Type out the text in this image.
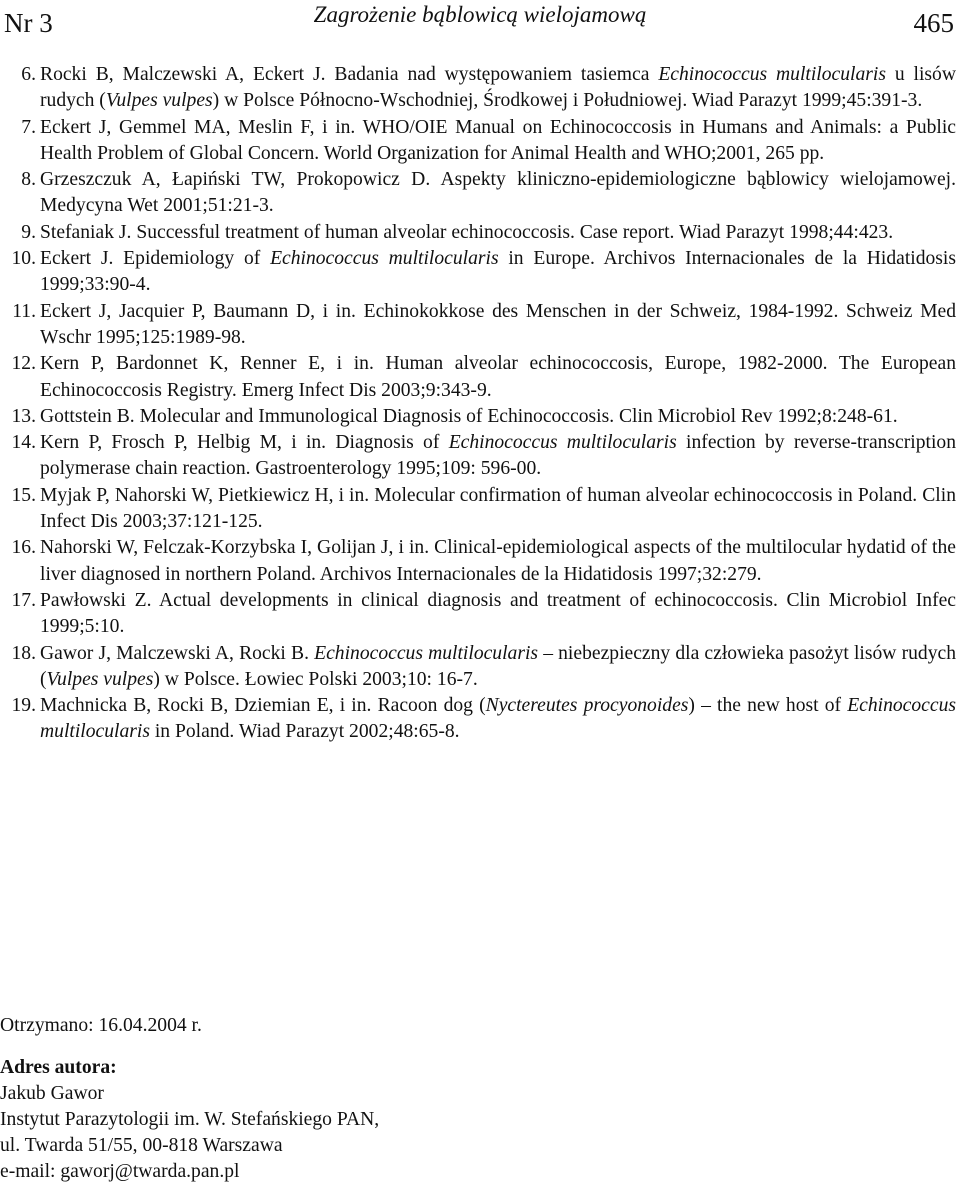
Nr 3	Zagrożenie bąblowicą wielojamową	465
6. Rocki B, Malczewski A, Eckert J. Badania nad występowaniem tasiemca Echinococcus multilocularis u lisów rudych (Vulpes vulpes) w Polsce Północno-Wschodniej, Środkowej i Południowej. Wiad Parazyt 1999;45:391-3.
7. Eckert J, Gemmel MA, Meslin F, i in. WHO/OIE Manual on Echinococcosis in Humans and Animals: a Public Health Problem of Global Concern. World Organization for Animal Health and WHO;2001, 265 pp.
8. Grzeszczuk A, Łapiński TW, Prokopowicz D. Aspekty kliniczno-epidemiologiczne bąblowicy wielojamowej. Medycyna Wet 2001;51:21-3.
9. Stefaniak J. Successful treatment of human alveolar echinococcosis. Case report. Wiad Parazyt 1998;44:423.
10. Eckert J. Epidemiology of Echinococcus multilocularis in Europe. Archivos Internacionales de la Hidatidosis 1999;33:90-4.
11. Eckert J, Jacquier P, Baumann D, i in. Echinokokkose des Menschen in der Schweiz, 1984-1992. Schweiz Med Wschr 1995;125:1989-98.
12. Kern P, Bardonnet K, Renner E, i in. Human alveolar echinococcosis, Europe, 1982-2000. The European Echinococcosis Registry. Emerg Infect Dis 2003;9:343-9.
13. Gottstein B. Molecular and Immunological Diagnosis of Echinococcosis. Clin Microbiol Rev 1992;8:248-61.
14. Kern P, Frosch P, Helbig M, i in. Diagnosis of Echinococcus multilocularis infection by reverse-transcription polymerase chain reaction. Gastroenterology 1995;109: 596-00.
15. Myjak P, Nahorski W, Pietkiewicz H, i in. Molecular confirmation of human alveolar echinococcosis in Poland. Clin Infect Dis 2003;37:121-125.
16. Nahorski W, Felczak-Korzybska I, Golijan J, i in. Clinical-epidemiological aspects of the multilocular hydatid of the liver diagnosed in northern Poland. Archivos Internacionales de la Hidatidosis 1997;32:279.
17. Pawłowski Z. Actual developments in clinical diagnosis and treatment of echinococcosis. Clin Microbiol Infec 1999;5:10.
18. Gawor J, Malczewski A, Rocki B. Echinococcus multilocularis – niebezpieczny dla człowieka pasożyt lisów rudych (Vulpes vulpes) w Polsce. Łowiec Polski 2003;10: 16-7.
19. Machnicka B, Rocki B, Dziemian E, i in. Racoon dog (Nyctereutes procyonoides) – the new host of Echinococcus multilocularis in Poland. Wiad Parazyt 2002;48:65-8.
Otrzymano: 16.04.2004 r.
Adres autora:
Jakub Gawor
Instytut Parazytologii im. W. Stefańskiego PAN,
ul. Twarda 51/55, 00-818 Warszawa
e-mail: gaworj@twarda.pan.pl
